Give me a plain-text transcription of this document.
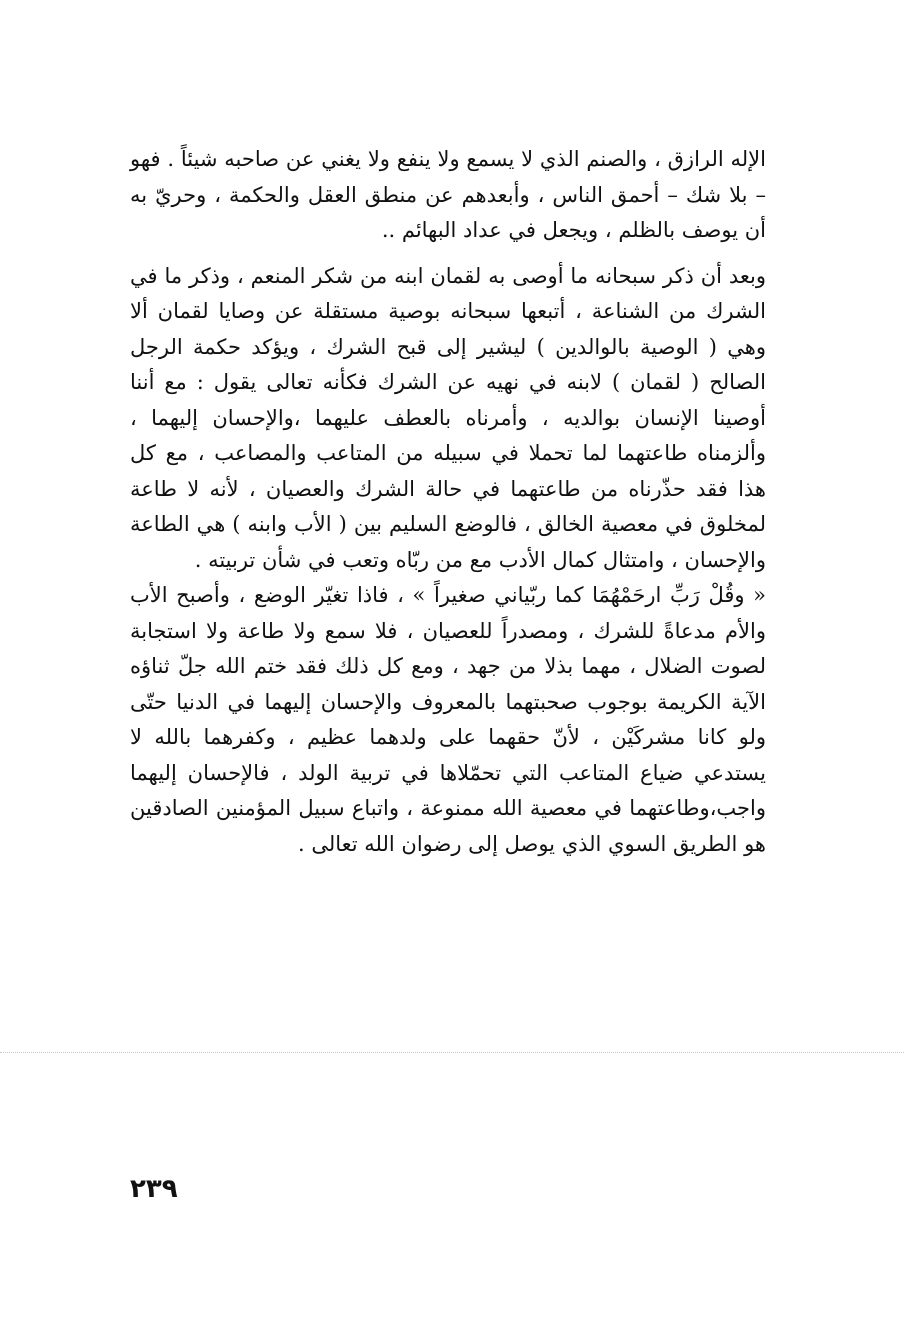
الإله الرازق ، والصنم الذي لا يسمع ولا ينفع ولا يغني عن صاحبه شيئاً . فهو – بلا شك – أحمق الناس ، وأبعدهم عن منطق العقل والحكمة ، وحريّ به أن يوصف بالظلم ، ويجعل في عداد البهائم ..

وبعد أن ذكر سبحانه ما أوصى به لقمان ابنه من شكر المنعم ، وذكر ما في الشرك من الشناعة ، أتبعها سبحانه بوصية مستقلة عن وصايا لقمان ألا وهي ( الوصية بالوالدين ) ليشير إلى قبح الشرك ، ويؤكد حكمة الرجل الصالح ( لقمان ) لابنه في نهيه عن الشرك فكأنه تعالى يقول : مع أننا أوصينا الإنسان بوالديه ، وأمرناه بالعطف عليهما ،والإحسان إليهما ، وألزمناه طاعتهما لما تحملا في سبيله من المتاعب والمصاعب ، مع كل هذا فقد حذّرناه من طاعتهما في حالة الشرك والعصيان ، لأنه لا طاعة لمخلوق في معصية الخالق ، فالوضع السليم بين ( الأب وابنه ) هي الطاعة والإحسان ، وامتثال كمال الأدب مع من ربّاه وتعب في شأن تربيته .

« وقُلْ رَبِّ ارحَمْهُمَا كما ربّياني صغيراً » ، فاذا تغيّر الوضع ، وأصبح الأب والأم مدعاةً للشرك ، ومصدراً للعصيان ، فلا سمع ولا طاعة ولا استجابة لصوت الضلال ، مهما بذلا من جهد ، ومع كل ذلك فقد ختم الله جلّ ثناؤه الآية الكريمة بوجوب صحبتهما بالمعروف والإحسان إليهما في الدنيا حتّى ولو كانا مشركَيْن ، لأنّ حقهما على ولدهما عظيم ، وكفرهما بالله لا يستدعي ضياع المتاعب التي تحمّلاها في تربية الولد ، فالإحسان إليهما واجب،وطاعتهما في معصية الله ممنوعة ، واتباع سبيل المؤمنين الصادقين هو الطريق السوي الذي يوصل إلى رضوان الله تعالى .

٢٣٩
